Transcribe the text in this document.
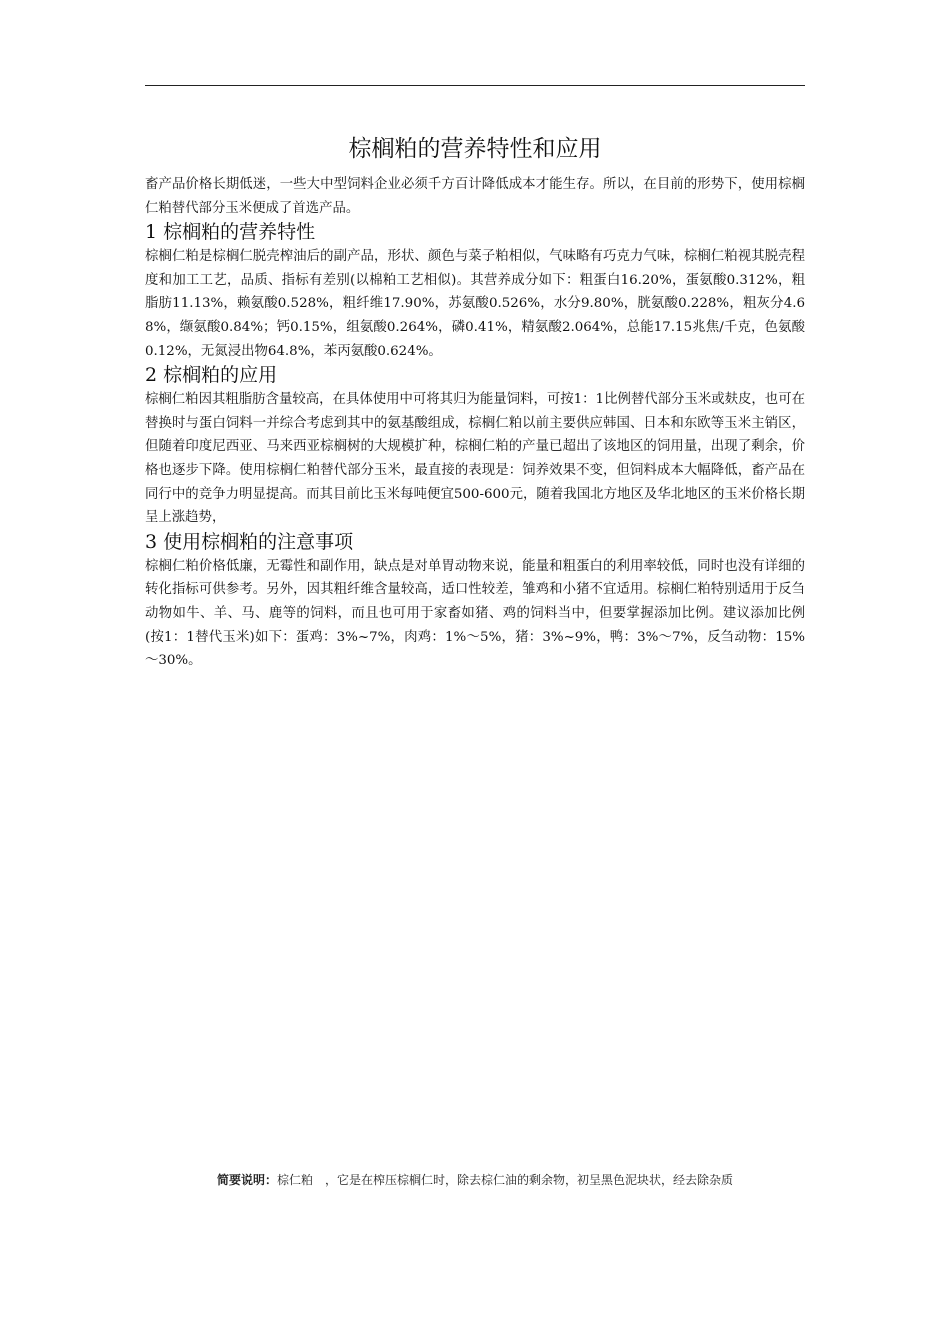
棕榈粕的营养特性和应用

畜产品价格长期低迷，一些大中型饲料企业必须千方百计降低成本才能生存。所以，在目前的形势下，使用棕榈仁粕替代部分玉米便成了首选产品。

1 棕榈粕的营养特性

棕榈仁粕是棕榈仁脱壳榨油后的副产品，形状、颜色与菜子粕相似，气味略有巧克力气味，棕榈仁粕视其脱壳程度和加工工艺，品质、指标有差别(以棉粕工艺相似)。其营养成分如下：粗蛋白16.20%，蛋氨酸0.312%，粗脂肪11.13%，赖氨酸0.528%，粗纤维17.90%，苏氨酸0.526%，水分9.80%，胱氨酸0.228%，粗灰分4.68%，缬氨酸0.84%；钙0.15%，组氨酸0.264%，磷0.41%，精氨酸2.064%，总能17.15兆焦/千克，色氨酸0.12%，无氮浸出物64.8%，苯丙氨酸0.624%。

2 棕榈粕的应用

棕榈仁粕因其粗脂肪含量较高，在具体使用中可将其归为能量饲料，可按1：1比例替代部分玉米或麸皮，也可在替换时与蛋白饲料一并综合考虑到其中的氨基酸组成，棕榈仁粕以前主要供应韩国、日本和东欧等玉米主销区，但随着印度尼西亚、马来西亚棕榈树的大规模扩种，棕榈仁粕的产量已超出了该地区的饲用量，出现了剩余，价格也逐步下降。使用棕榈仁粕替代部分玉米，最直接的表现是：饲养效果不变，但饲料成本大幅降低，畜产品在同行中的竞争力明显提高。而其目前比玉米每吨便宜500-600元，随着我国北方地区及华北地区的玉米价格长期呈上涨趋势，

3 使用棕榈粕的注意事项

棕榈仁粕价格低廉，无霉性和副作用，缺点是对单胃动物来说，能量和粗蛋白的利用率较低，同时也没有详细的转化指标可供参考。另外，因其粗纤维含量较高，适口性较差，雏鸡和小猪不宜适用。棕榈仁粕特别适用于反刍动物如牛、羊、马、鹿等的饲料，而且也可用于家畜如猪、鸡的饲料当中，但要掌握添加比例。建议添加比例(按1：1替代玉米)如下：蛋鸡：3%~7%，肉鸡：1%～5%，猪：3%~9%，鸭：3%～7%，反刍动物：15%～30%。

简要说明：棕仁粕　，它是在榨压棕榈仁时，除去棕仁油的剩余物，初呈黑色泥块状，经去除杂质
